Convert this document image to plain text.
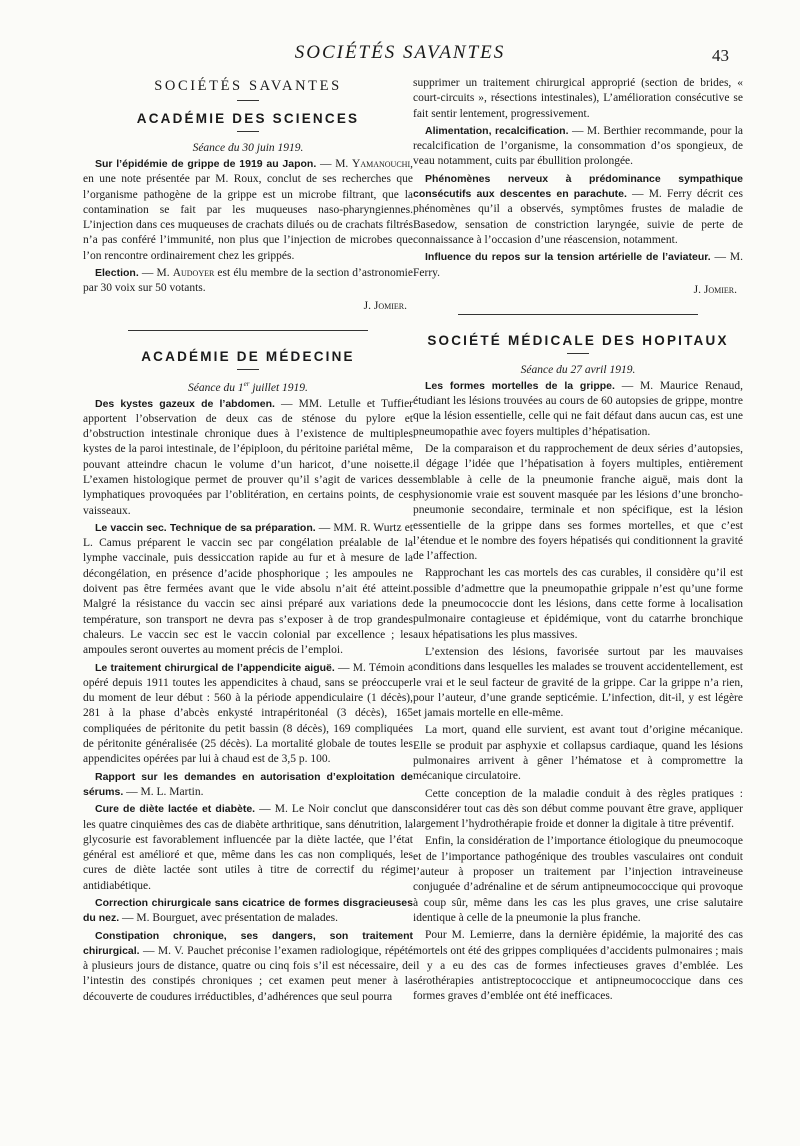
SOCIÉTÉS SAVANTES	43
SOCIÉTÉS SAVANTES
ACADÉMIE DES SCIENCES
Séance du 30 juin 1919.

Sur l’épidémie de grippe de 1919 au Japon. — M. Yamanouchi, en une note présentée par M. Roux, conclut de ses recherches que l’organisme pathogène de la grippe est un microbe filtrant, que la contamination se fait par les muqueuses naso-pharyngiennes. L’injection dans ces muqueuses de crachats dilués ou de crachats filtrés n’a pas conféré l’immunité, non plus que l’injection de microbes que l’on rencontre ordinairement chez les grippés.

Election. — M. Audoyer est élu membre de la section d’astronomie par 30 voix sur 50 votants.

J. Jomier.
ACADÉMIE DE MÉDECINE
Séance du 1er juillet 1919.

Des kystes gazeux de l’abdomen. — MM. Letulle et Tuffier apportent l’observation de deux cas de sténose du pylore et d’obstruction intestinale chronique dues à l’existence de multiples kystes de la paroi intestinale, de l’épiploon, du péritoine pariétal même, pouvant atteindre chacun le volume d’un haricot, d’une noisette. L’examen histologique permet de prouver qu’il s’agit de varices des lymphatiques provoquées par l’oblitération, en certains points, de ces vaisseaux.

Le vaccin sec. Technique de sa préparation. — MM. R. Wurtz et L. Camus préparent le vaccin sec par congélation préalable de la lymphe vaccinale, puis dessiccation rapide au fur et à mesure de la décongélation, en présence d’acide phosphorique ; les ampoules ne doivent pas être fermées avant que le vide absolu n’ait été atteint. Malgré la résistance du vaccin sec ainsi préparé aux variations de température, son transport ne devra pas s’exposer à de trop grandes chaleurs. Le vaccin sec est le vaccin colonial par excellence ; les ampoules seront ouvertes au moment précis de l’emploi.

Le traitement chirurgical de l’appendicite aiguë. — M. Témoin a opéré depuis 1911 toutes les appendicites à chaud, sans se préoccuper du moment de leur début : 560 à la période appendiculaire (1 décès), 281 à la phase d’abcès enkysté intrapéritonéal (3 décès), 165 compliquées de péritonite du petit bassin (8 décès), 169 compliquées de péritonite généralisée (25 décès). La mortalité globale de toutes les appendicites opérées par lui à chaud est de 3,5 p. 100.

Rapport sur les demandes en autorisation d’exploitation de sérums. — M. L. Martin.

Cure de diète lactée et diabète. — M. Le Noir conclut que dans les quatre cinquièmes des cas de diabète arthritique, sans dénutrition, la glycosurie est favorablement influencée par la diète lactée, que l’état général est amélioré et que, même dans les cas non compliqués, les cures de diète lactée sont utiles à titre de correctif du régime antidiabétique.

Correction chirurgicale sans cicatrice de formes disgracieuses du nez. — M. Bourguet, avec présentation de malades.

Constipation chronique, ses dangers, son traitement chirurgical. — M. V. Pauchet préconise l’examen radiologique, répété à plusieurs jours de distance, quatre ou cinq fois s’il est nécessaire, de l’intestin des constipés chroniques ; cet examen peut mener à la découverte de coudures irréductibles, d’adhérences que seul pourra

supprimer un traitement chirurgical approprié (section de brides, « court-circuits », résections intestinales), L’amélioration consécutive se fait sentir lentement, progressivement.

Alimentation, recalcification. — M. Berthier recommande, pour la recalcification de l’organisme, la consommation d’os spongieux, de veau notamment, cuits par ébullition prolongée.

Phénomènes nerveux à prédominance sympathique consécutifs aux descentes en parachute. — M. Ferry décrit ces phénomènes qu’il a observés, symptômes frustes de maladie de Basedow, sensation de constriction laryngée, suivie de perte de connaissance à l’occasion d’une réascension, notamment.

Influence du repos sur la tension artérielle de l’aviateur. — M. Ferry.

J. Jomier.
SOCIÉTÉ MÉDICALE DES HOPITAUX
Séance du 27 avril 1919.

Les formes mortelles de la grippe. — M. Maurice Renaud, étudiant les lésions trouvées au cours de 60 autopsies de grippe, montre que la lésion essentielle, celle qui ne fait défaut dans aucun cas, est une pneumopathie avec foyers multiples d’hépatisation.

De la comparaison et du rapprochement de deux séries d’autopsies, il dégage l’idée que l’hépatisation à foyers multiples, entièrement semblable à celle de la pneumonie franche aiguë, mais dont la physionomie vraie est souvent masquée par les lésions d’une broncho-pneumonie secondaire, terminale et non spécifique, est la lésion essentielle de la grippe dans ses formes mortelles, et que c’est l’étendue et le nombre des foyers hépatisés qui conditionnent la gravité de l’affection.

Rapprochant les cas mortels des cas curables, il considère qu’il est possible d’admettre que la pneumopathie grippale n’est qu’une forme de la pneumococcie dont les lésions, dans cette forme à localisation pulmonaire contagieuse et épidémique, vont du catarrhe bronchique aux hépatisations les plus massives.

L’extension des lésions, favorisée surtout par les mauvaises conditions dans lesquelles les malades se trouvent accidentellement, est le vrai et le seul facteur de gravité de la grippe. Car la grippe n’a rien, pour l’auteur, d’une grande septicémie. L’infection, dit-il, y est légère et jamais mortelle en elle-même.

La mort, quand elle survient, est avant tout d’origine mécanique. Elle se produit par asphyxie et collapsus cardiaque, quand les lésions pulmonaires arrivent à gêner l’hématose et à compromettre la mécanique circulatoire.

Cette conception de la maladie conduit à des règles pratiques : considérer tout cas dès son début comme pouvant être grave, appliquer largement l’hydrothérapie froide et donner la digitale à titre préventif.

Enfin, la considération de l’importance étiologique du pneumocoque et de l’importance pathogénique des troubles vasculaires ont conduit l’auteur à proposer un traitement par l’injection intraveineuse conjuguée d’adrénaline et de sérum antipneumococcique qui provoque à coup sûr, même dans les cas les plus graves, une crise salutaire identique à celle de la pneumonie la plus franche.

Pour M. Lemierre, dans la dernière épidémie, la majorité des cas mortels ont été des grippes compliquées d’accidents pulmonaires ; mais il y a eu des cas de formes infectieuses graves d’emblée. Les sérothérapies antistreptococcique et antipneumococcique dans ces formes graves d’emblée ont été inefficaces.
